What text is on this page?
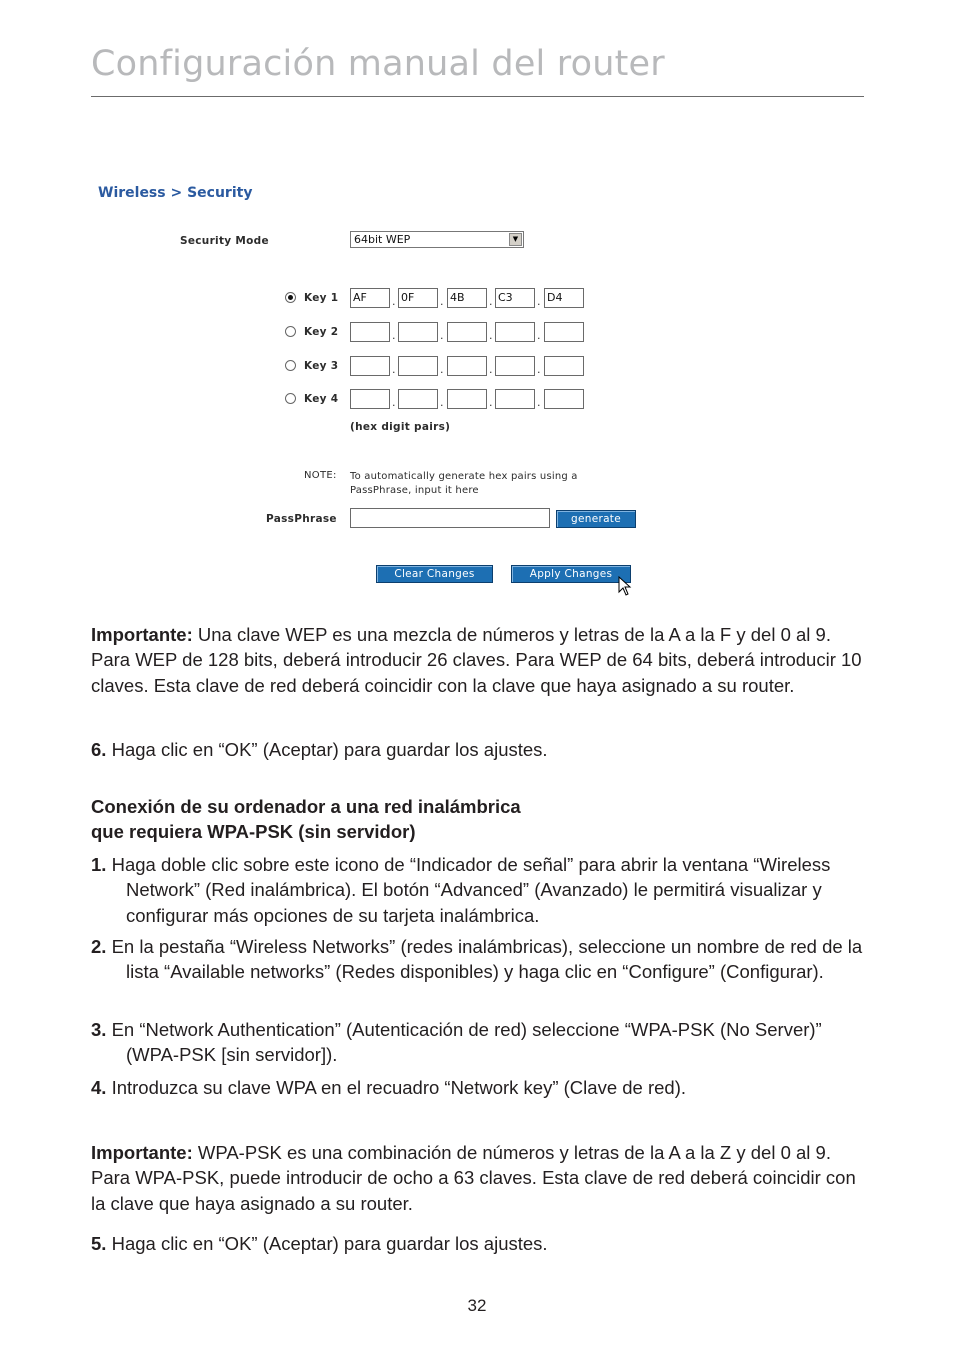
Configuración manual del router
Wireless > Security
Security Mode	64bit WEP	▼
Key 1 AF	. 0F	. 4B	. C3	. D4
Key 2	.	.	.	.
Key 3	.	.	.	.
Key 4	.	.	.	.
(hex digit pairs)
NOTE: To automatically generate hex pairs using a PassPhrase, input it here
PassPhrase	generate
Clear Changes	Apply Changes

Importante: Una clave WEP es una mezcla de números y letras de la A a la F y del 0 al 9. Para WEP de 128 bits, deberá introducir 26 claves. Para WEP de 64 bits, deberá introducir 10 claves. Esta clave de red deberá coincidir con la clave que haya asignado a su router.

6. Haga clic en “OK” (Aceptar) para guardar los ajustes.

Conexión de su ordenador a una red inalámbrica
que requiera WPA-PSK (sin servidor)

1. Haga doble clic sobre este icono de “Indicador de señal” para abrir la ventana “Wireless Network” (Red inalámbrica). El botón “Advanced” (Avanzado) le permitirá visualizar y configurar más opciones de su tarjeta inalámbrica.

2. En la pestaña “Wireless Networks” (redes inalámbricas), seleccione un nombre de red de la lista “Available networks” (Redes disponibles) y haga clic en “Configure” (Configurar).

3. En “Network Authentication” (Autenticación de red) seleccione “WPA-PSK (No Server)” (WPA-PSK [sin servidor]).

4. Introduzca su clave WPA en el recuadro “Network key” (Clave de red).

Importante: WPA-PSK es una combinación de números y letras de la A a la Z y del 0 al 9. Para WPA-PSK, puede introducir de ocho a 63 claves. Esta clave de red deberá coincidir con la clave que haya asignado a su router.

5. Haga clic en “OK” (Aceptar) para guardar los ajustes.

32
